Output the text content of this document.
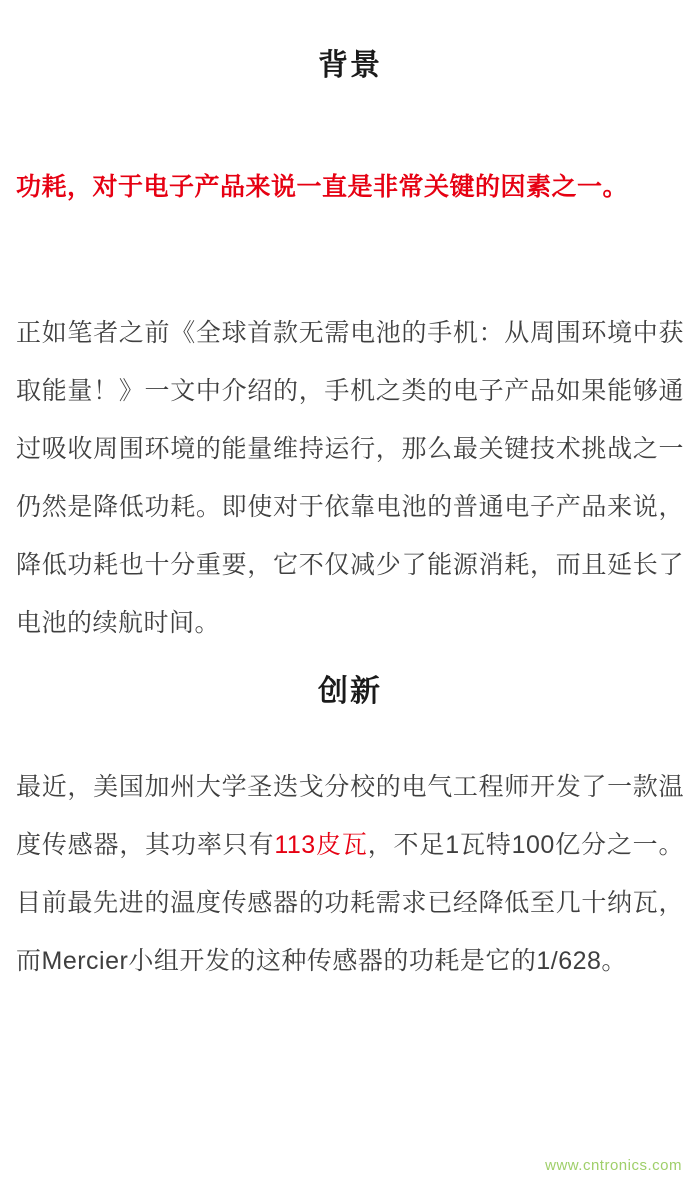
背景
功耗，对于电子产品来说一直是非常关键的因素之一。
正如笔者之前《全球首款无需电池的手机：从周围环境中获取能量！》一文中介绍的，手机之类的电子产品如果能够通过吸收周围环境的能量维持运行，那么最关键技术挑战之一仍然是降低功耗。即使对于依靠电池的普通电子产品来说，降低功耗也十分重要，它不仅减少了能源消耗，而且延长了电池的续航时间。
创新
最近，美国加州大学圣迭戈分校的电气工程师开发了一款温度传感器，其功率只有113皮瓦，不足1瓦特100亿分之一。目前最先进的温度传感器的功耗需求已经降低至几十纳瓦，而Mercier小组开发的这种传感器的功耗是它的1/628。
www.cntronics.com
